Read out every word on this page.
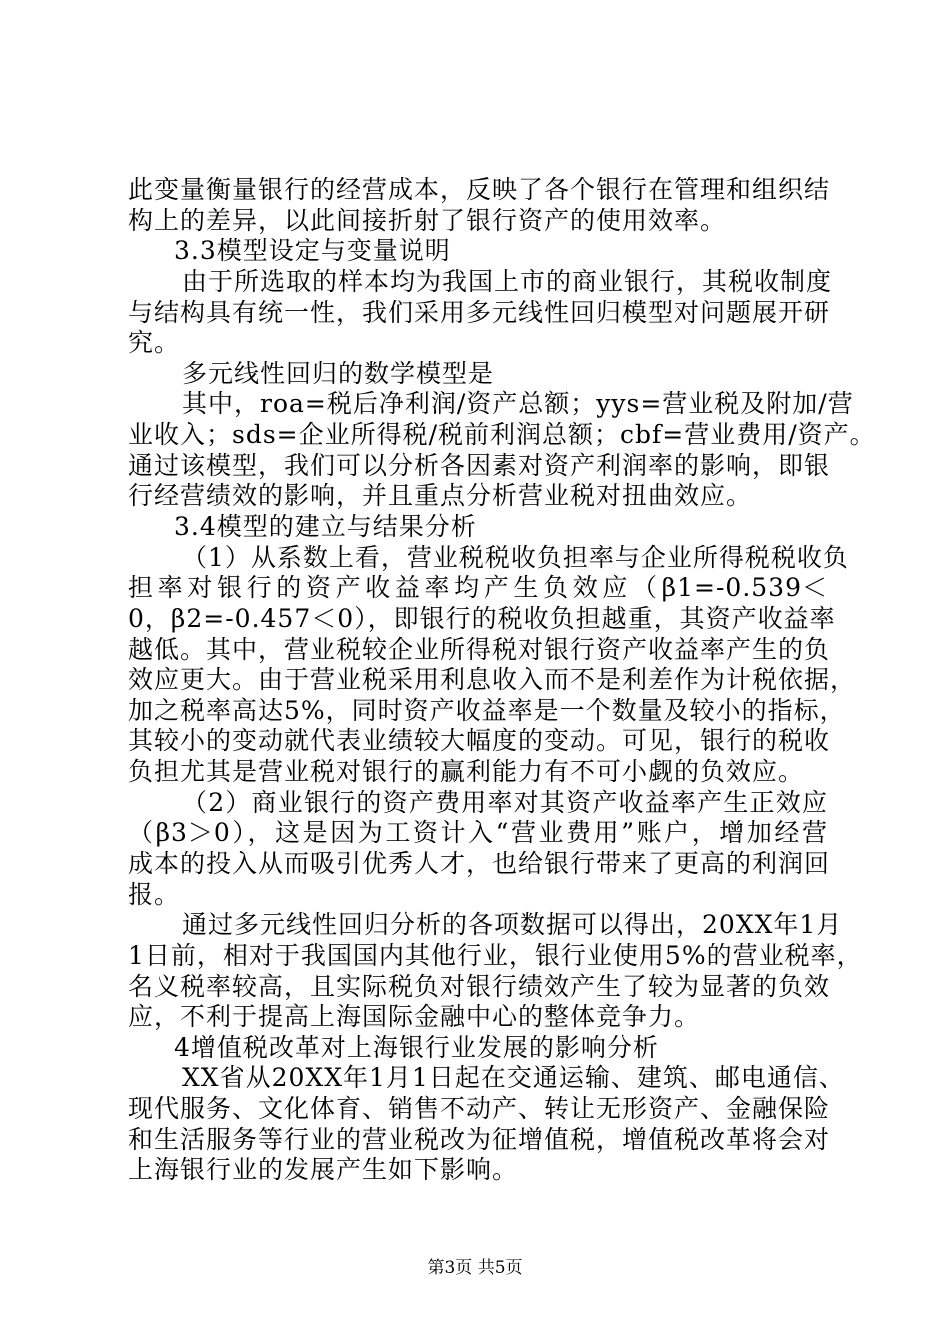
此变量衡量银行的经营成本，反映了各个银行在管理和组织结
构上的差异，以此间接折射了银行资产的使用效率。
3.3模型设定与变量说明
由于所选取的样本均为我国上市的商业银行，其税收制度
与结构具有统一性，我们采用多元线性回归模型对问题展开研
究。
多元线性回归的数学模型是
其中，roa=税后净利润/资产总额；yys=营业税及附加/营
业收入；sds=企业所得税/税前利润总额；cbf=营业费用/资产。
通过该模型，我们可以分析各因素对资产利润率的影响，即银
行经营绩效的影响，并且重点分析营业税对扭曲效应。
3.4模型的建立与结果分析
（1）从系数上看，营业税税收负担率与企业所得税税收负
担率对银行的资产收益率均产生负效应（β1=-0.539＜
0，β2=-0.457＜0），即银行的税收负担越重，其资产收益率
越低。其中，营业税较企业所得税对银行资产收益率产生的负
效应更大。由于营业税采用利息收入而不是利差作为计税依据，
加之税率高达5%，同时资产收益率是一个数量及较小的指标，
其较小的变动就代表业绩较大幅度的变动。可见，银行的税收
负担尤其是营业税对银行的赢利能力有不可小觑的负效应。
（2）商业银行的资产费用率对其资产收益率产生正效应
（β3＞0），这是因为工资计入“营业费用”账户，增加经营
成本的投入从而吸引优秀人才，也给银行带来了更高的利润回
报。
通过多元线性回归分析的各项数据可以得出，20XX年1月
1日前，相对于我国国内其他行业，银行业使用5%的营业税率，
名义税率较高，且实际税负对银行绩效产生了较为显著的负效
应，不利于提高上海国际金融中心的整体竞争力。
4增值税改革对上海银行业发展的影响分析
XX省从20XX年1月1日起在交通运输、建筑、邮电通信、
现代服务、文化体育、销售不动产、转让无形资产、金融保险
和生活服务等行业的营业税改为征增值税，增值税改革将会对
上海银行业的发展产生如下影响。
第3页 共5页
